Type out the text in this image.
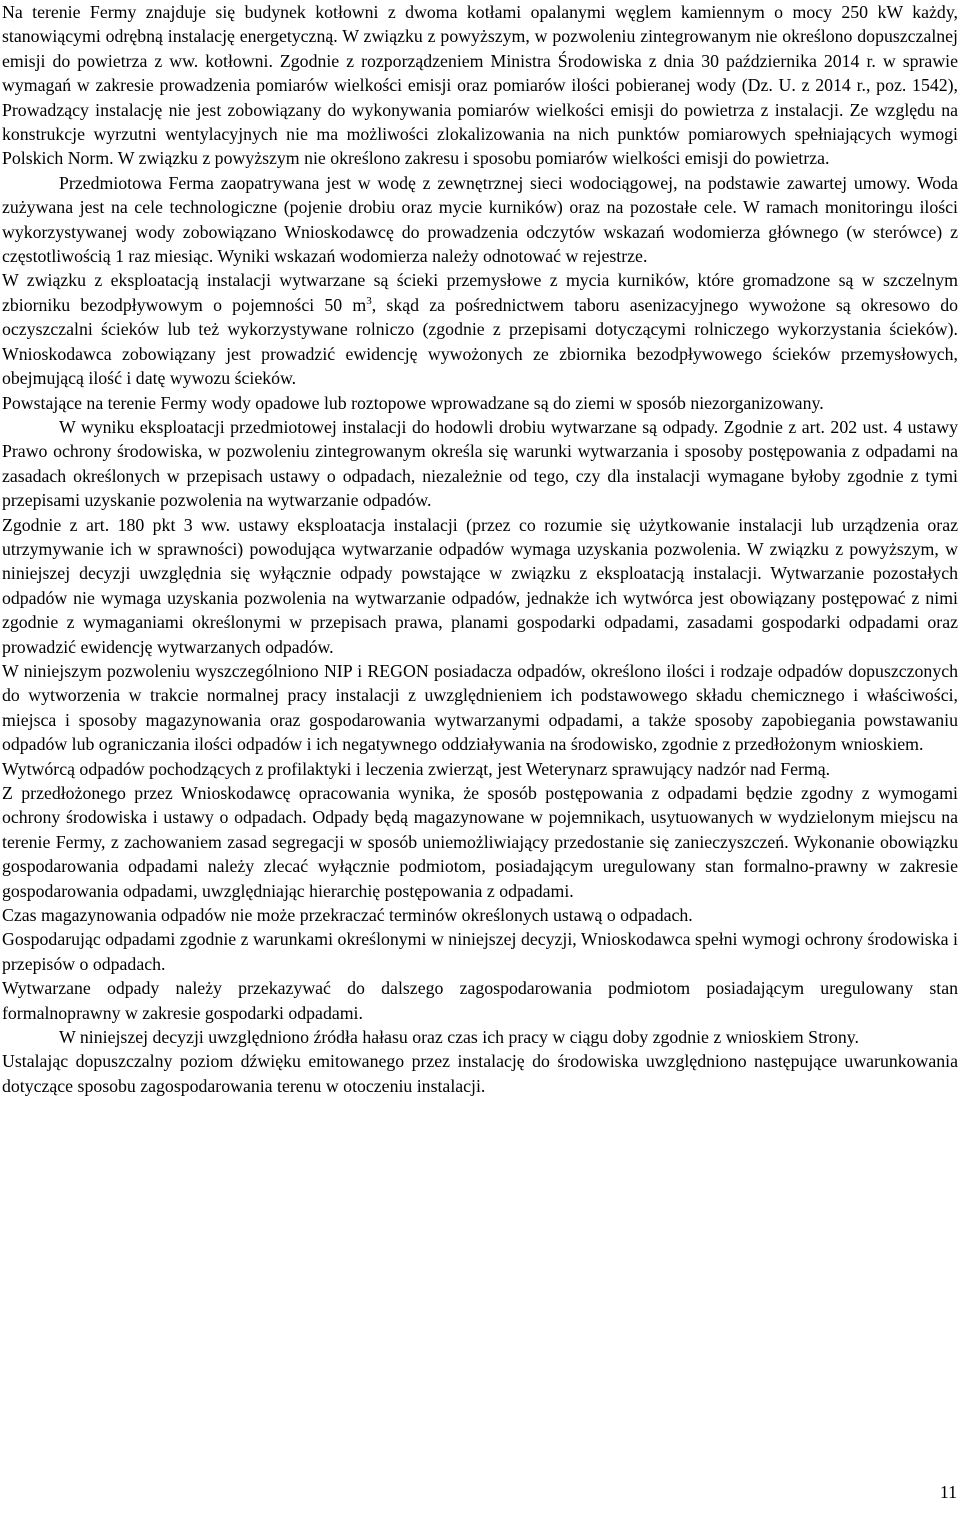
Na terenie Fermy znajduje się budynek kotłowni z dwoma kotłami opalanymi węglem kamiennym o mocy 250 kW każdy, stanowiącymi odrębną instalację energetyczną. W związku z powyższym, w pozwoleniu zintegrowanym nie określono dopuszczalnej emisji do powietrza z ww. kotłowni. Zgodnie z rozporządzeniem Ministra Środowiska z dnia 30 października 2014 r. w sprawie wymagań w zakresie prowadzenia pomiarów wielkości emisji oraz pomiarów ilości pobieranej wody (Dz. U. z 2014 r., poz. 1542), Prowadzący instalację nie jest zobowiązany do wykonywania pomiarów wielkości emisji do powietrza z instalacji. Ze względu na konstrukcje wyrzutni wentylacyjnych nie ma możliwości zlokalizowania na nich punktów pomiarowych spełniających wymogi Polskich Norm. W związku z powyższym nie określono zakresu i sposobu pomiarów wielkości emisji do powietrza.

Przedmiotowa Ferma zaopatrywana jest w wodę z zewnętrznej sieci wodociągowej, na podstawie zawartej umowy. Woda zużywana jest na cele technologiczne (pojenie drobiu oraz mycie kurników) oraz na pozostałe cele. W ramach monitoringu ilości wykorzystywanej wody zobowiązano Wnioskodawcę do prowadzenia odczytów wskazań wodomierza głównego (w sterówce) z częstotliwością 1 raz miesiąc. Wyniki wskazań wodomierza należy odnotować w rejestrze.

W związku z eksploatacją instalacji wytwarzane są ścieki przemysłowe z mycia kurników, które gromadzone są w szczelnym zbiorniku bezodpływowym o pojemności 50 $m^3$, skąd za pośrednictwem taboru asenizacyjnego wywożone są okresowo do oczyszczalni ścieków lub też wykorzystywane rolniczo (zgodnie z przepisami dotyczącymi rolniczego wykorzystania ścieków). Wnioskodawca zobowiązany jest prowadzić ewidencję wywożonych ze zbiornika bezodpływowego ścieków przemysłowych, obejmującą ilość i datę wywozu ścieków.

Powstające na terenie Fermy wody opadowe lub roztopowe wprowadzane są do ziemi w sposób niezorganizowany.

W wyniku eksploatacji przedmiotowej instalacji do hodowli drobiu wytwarzane są odpady. Zgodnie z art. 202 ust. 4 ustawy Prawo ochrony środowiska, w pozwoleniu zintegrowanym określa się warunki wytwarzania i sposoby postępowania z odpadami na zasadach określonych w przepisach ustawy o odpadach, niezależnie od tego, czy dla instalacji wymagane byłoby zgodnie z tymi przepisami uzyskanie pozwolenia na wytwarzanie odpadów.

Zgodnie z art. 180 pkt 3 ww. ustawy eksploatacja instalacji (przez co rozumie się użytkowanie instalacji lub urządzenia oraz utrzymywanie ich w sprawności) powodująca wytwarzanie odpadów wymaga uzyskania pozwolenia. W związku z powyższym, w niniejszej decyzji uwzględnia się wyłącznie odpady powstające w związku z eksploatacją instalacji. Wytwarzanie pozostałych odpadów nie wymaga uzyskania pozwolenia na wytwarzanie odpadów, jednakże ich wytwórca jest obowiązany postępować z nimi zgodnie z wymaganiami określonymi w przepisach prawa, planami gospodarki odpadami, zasadami gospodarki odpadami oraz prowadzić ewidencję wytwarzanych odpadów.

W niniejszym pozwoleniu wyszczególniono NIP i REGON posiadacza odpadów, określono ilości i rodzaje odpadów dopuszczonych do wytworzenia w trakcie normalnej pracy instalacji z uwzględnieniem ich podstawowego składu chemicznego i właściwości, miejsca i sposoby magazynowania oraz gospodarowania wytwarzanymi odpadami, a także sposoby zapobiegania powstawaniu odpadów lub ograniczania ilości odpadów i ich negatywnego oddziaływania na środowisko, zgodnie z przedłożonym wnioskiem.

Wytwórcą odpadów pochodzących z profilaktyki i leczenia zwierząt, jest Weterynarz sprawujący nadzór nad Fermą.

Z przedłożonego przez Wnioskodawcę opracowania wynika, że sposób postępowania z odpadami będzie zgodny z wymogami ochrony środowiska i ustawy o odpadach. Odpady będą magazynowane w pojemnikach, usytuowanych w wydzielonym miejscu na terenie Fermy, z zachowaniem zasad segregacji w sposób uniemożliwiający przedostanie się zanieczyszczeń. Wykonanie obowiązku gospodarowania odpadami należy zlecać wyłącznie podmiotom, posiadającym uregulowany stan formalno-prawny w zakresie gospodarowania odpadami, uwzględniając hierarchię postępowania z odpadami.

Czas magazynowania odpadów nie może przekraczać terminów określonych ustawą o odpadach.

Gospodarując odpadami zgodnie z warunkami określonymi w niniejszej decyzji, Wnioskodawca spełni wymogi ochrony środowiska i przepisów o odpadach.

Wytwarzane odpady należy przekazywać do dalszego zagospodarowania podmiotom posiadającym uregulowany stan formalnoprawny w zakresie gospodarki odpadami.

W niniejszej decyzji uwzględniono źródła hałasu oraz czas ich pracy w ciągu doby zgodnie z wnioskiem Strony.

Ustalając dopuszczalny poziom dźwięku emitowanego przez instalację do środowiska uwzględniono następujące uwarunkowania dotyczące sposobu zagospodarowania terenu w otoczeniu instalacji.

11
